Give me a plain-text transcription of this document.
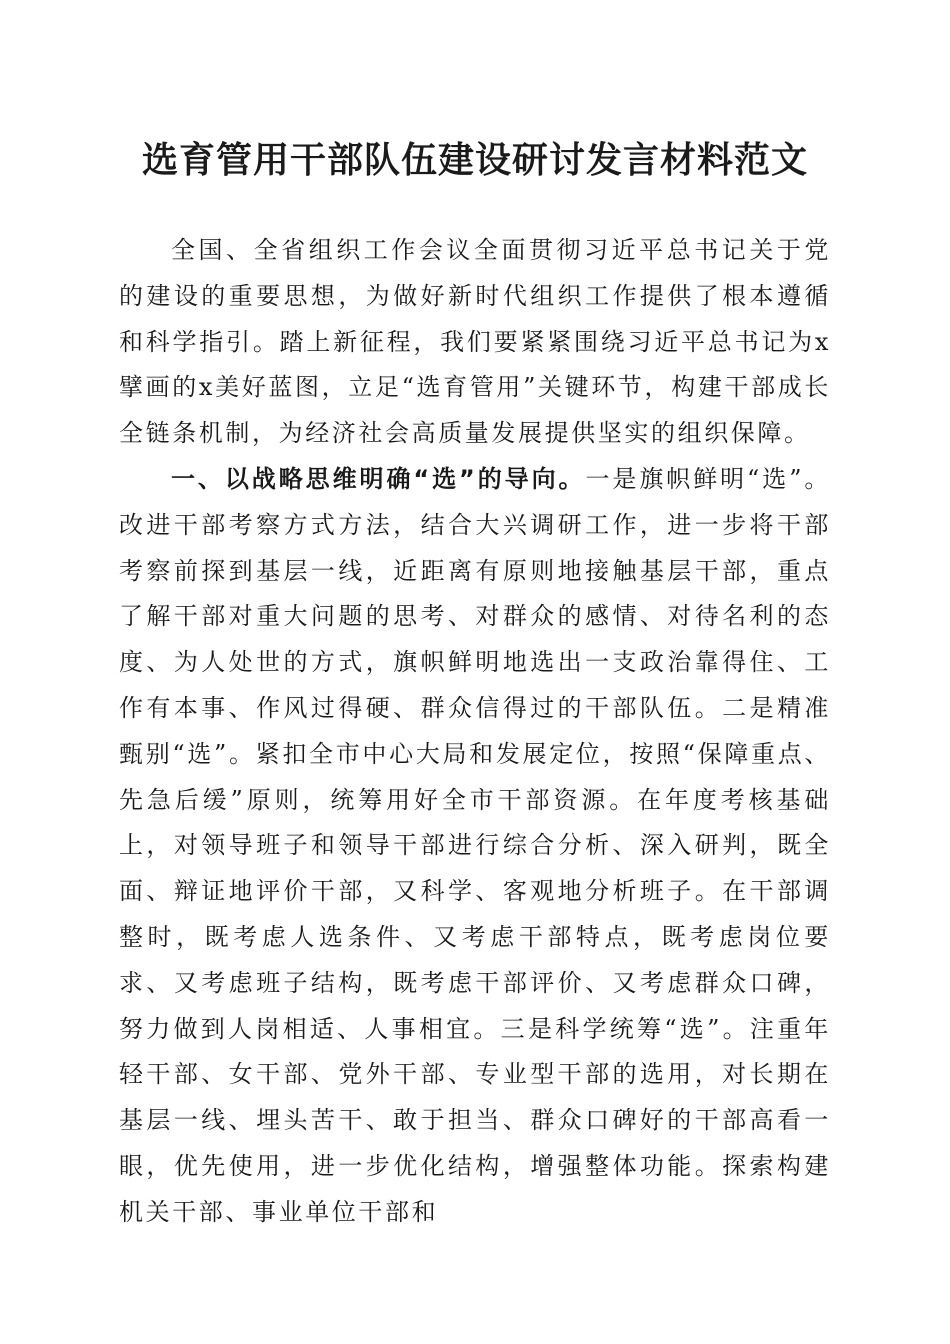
选育管用干部队伍建设研讨发言材料范文

全国、全省组织工作会议全面贯彻习近平总书记关于党的建设的重要思想，为做好新时代组织工作提供了根本遵循和科学指引。踏上新征程，我们要紧紧围绕习近平总书记为x擘画的x美好蓝图，立足“选育管用”关键环节，构建干部成长全链条机制，为经济社会高质量发展提供坚实的组织保障。

一、以战略思维明确“选”的导向。一是旗帜鲜明“选”。改进干部考察方式方法，结合大兴调研工作，进一步将干部考察前探到基层一线，近距离有原则地接触基层干部，重点了解干部对重大问题的思考、对群众的感情、对待名利的态度、为人处世的方式，旗帜鲜明地选出一支政治靠得住、工作有本事、作风过得硬、群众信得过的干部队伍。二是精准甄别“选”。紧扣全市中心大局和发展定位，按照“保障重点、先急后缓”原则，统筹用好全市干部资源。在年度考核基础上，对领导班子和领导干部进行综合分析、深入研判，既全面、辩证地评价干部，又科学、客观地分析班子。在干部调整时，既考虑人选条件、又考虑干部特点，既考虑岗位要求、又考虑班子结构，既考虑干部评价、又考虑群众口碑，努力做到人岗相适、人事相宜。三是科学统筹“选”。注重年轻干部、女干部、党外干部、专业型干部的选用，对长期在基层一线、埋头苦干、敢于担当、群众口碑好的干部高看一眼，优先使用，进一步优化结构，增强整体功能。探索构建机关干部、事业单位干部和
